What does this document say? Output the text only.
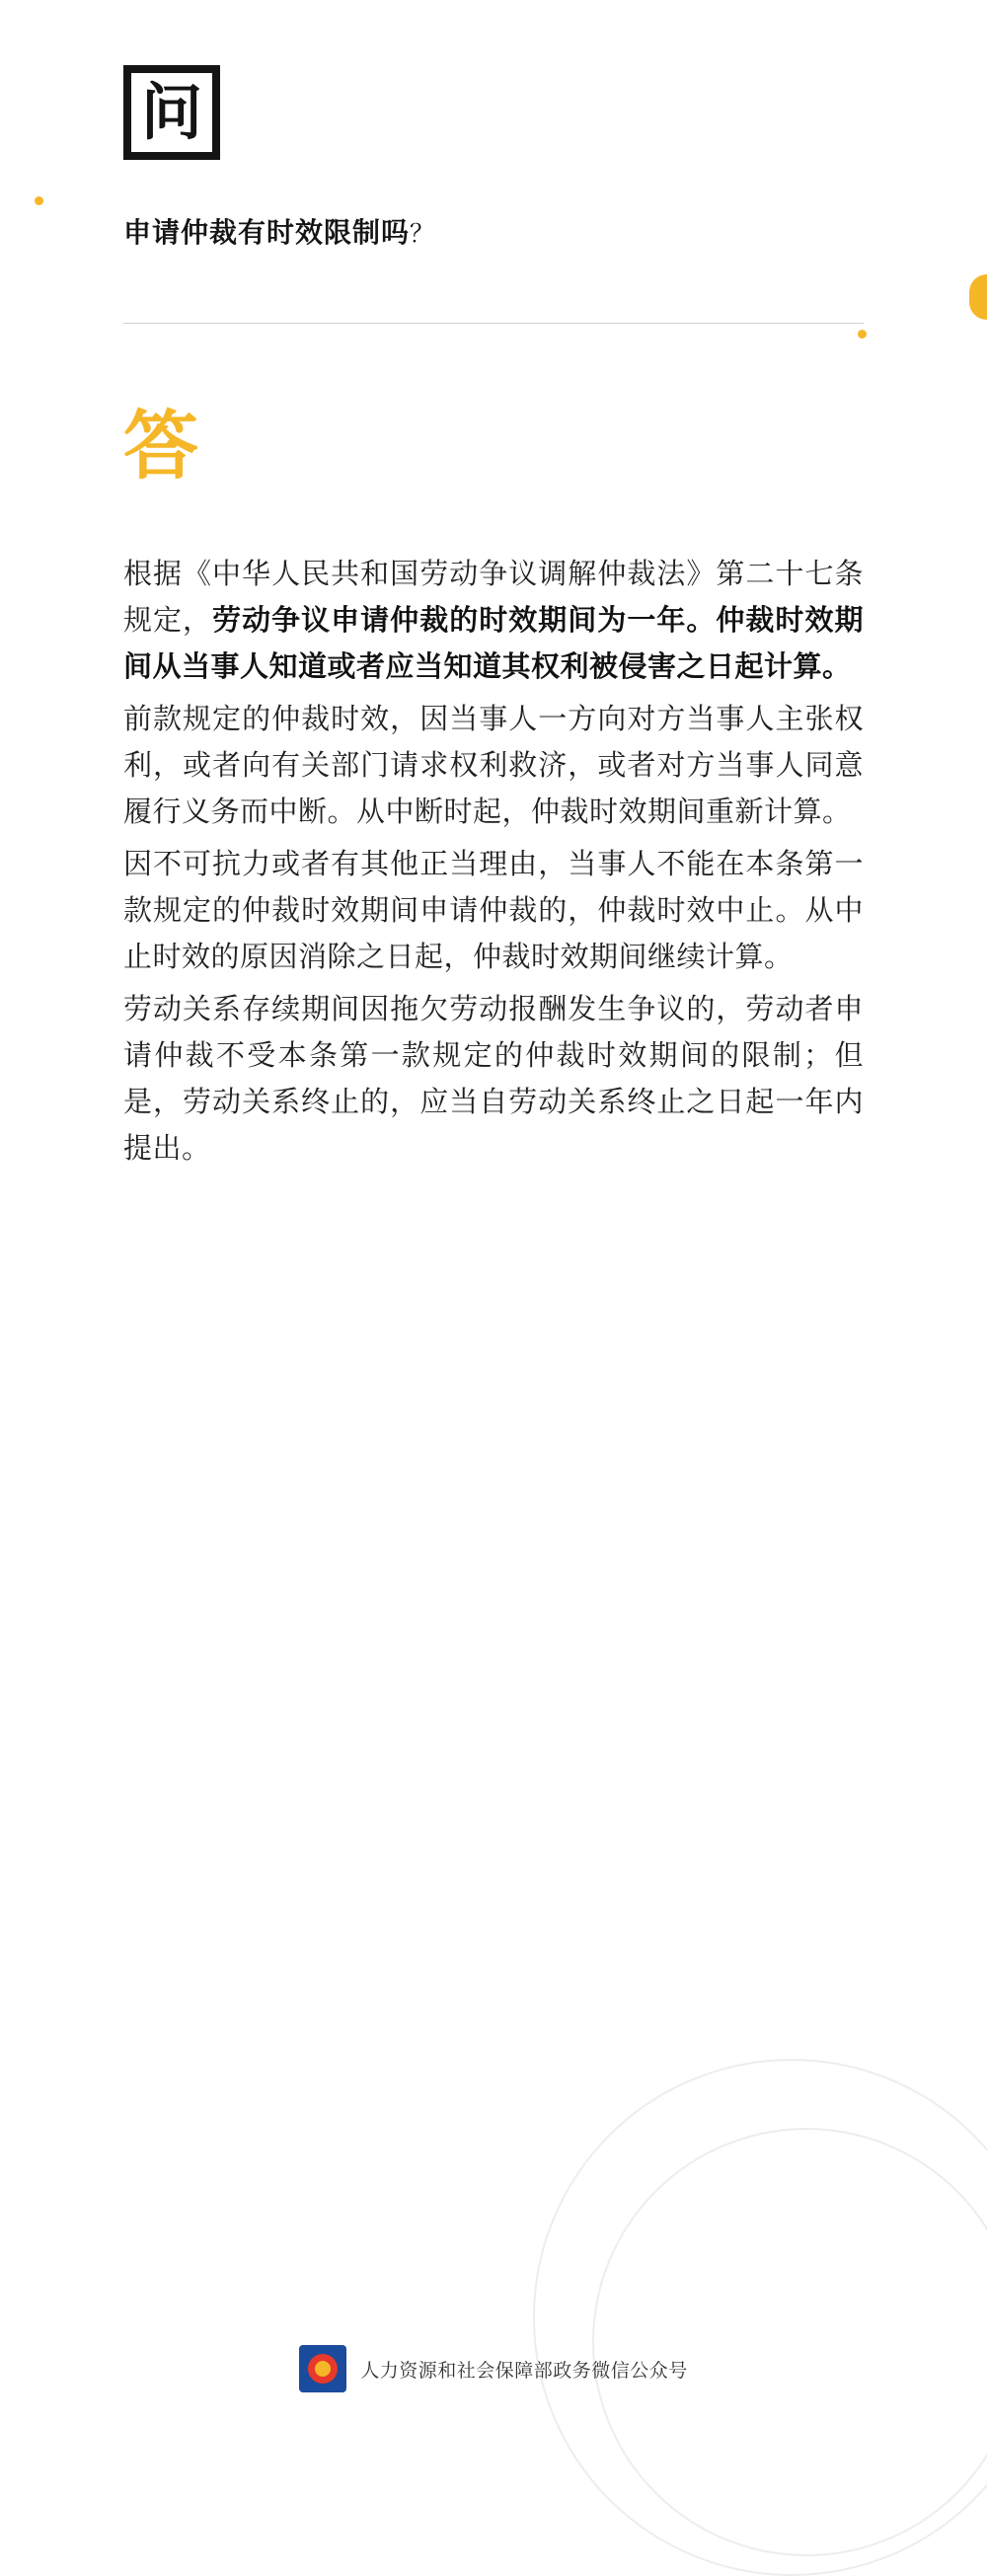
问
申请仲裁有时效限制吗？
答

根据《中华人民共和国劳动争议调解仲裁法》第二十七条规定，劳动争议申请仲裁的时效期间为一年。仲裁时效期间从当事人知道或者应当知道其权利被侵害之日起计算。

前款规定的仲裁时效，因当事人一方向对方当事人主张权利，或者向有关部门请求权利救济，或者对方当事人同意履行义务而中断。从中断时起，仲裁时效期间重新计算。

因不可抗力或者有其他正当理由，当事人不能在本条第一款规定的仲裁时效期间申请仲裁的，仲裁时效中止。从中止时效的原因消除之日起，仲裁时效期间继续计算。

劳动关系存续期间因拖欠劳动报酬发生争议的，劳动者申请仲裁不受本条第一款规定的仲裁时效期间的限制；但是，劳动关系终止的，应当自劳动关系终止之日起一年内提出。

人力资源和社会保障部政务微信公众号
